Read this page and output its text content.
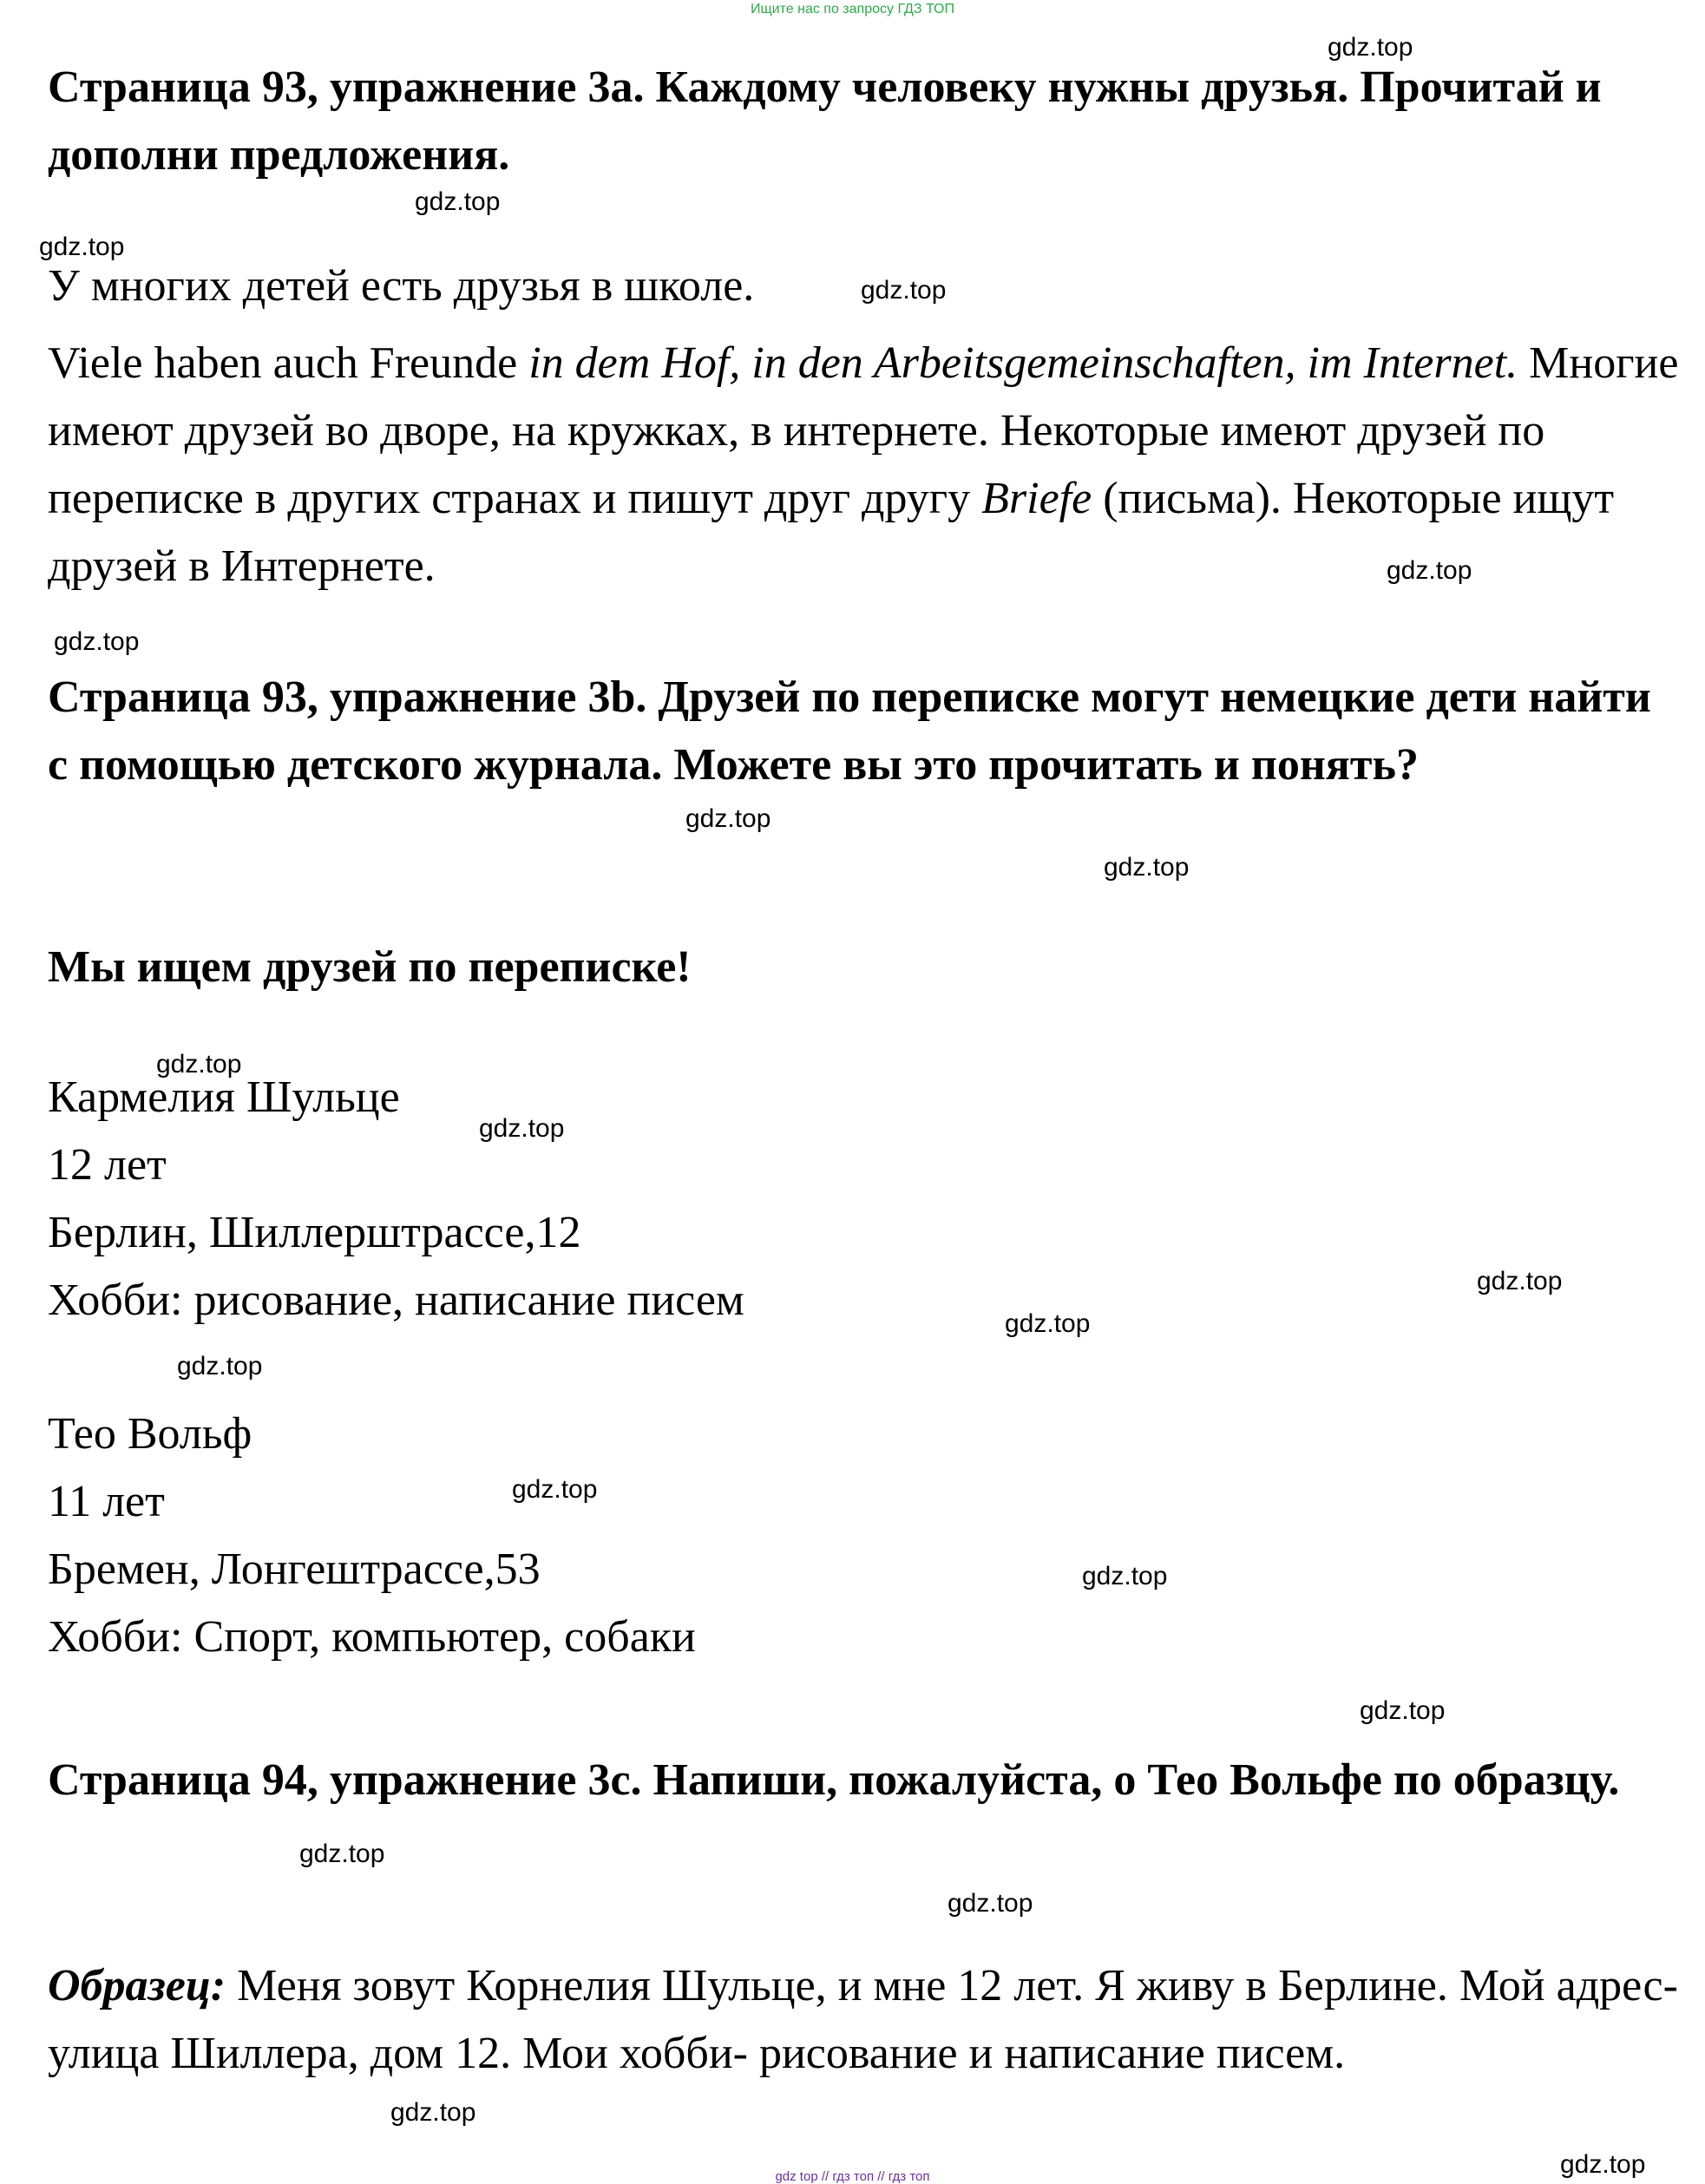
Ищите нас по запросу ГДЗ ТОП
gdz top // гдз топ // гдз топ

Страница 93, упражнение 3a. Каждому человеку нужны друзья. Прочитай и дополни предложения.

У многих детей есть друзья в школе.

Viele haben auch Freunde in dem Hof, in den Arbeitsgemeinschaften, im Internet. Многие имеют друзей во дворе, на кружках, в интернете. Некоторые имеют друзей по переписке в других странах и пишут друг другу Briefe (письма). Некоторые ищут друзей в Интернете.

Страница 93, упражнение 3b. Друзей по переписке могут немецкие дети найти с помощью детского журнала. Можете вы это прочитать и понять?

Мы ищем друзей по переписке!
Кармелия Шульце
12 лет
Берлин, Шиллерштрассе,12
Хобби: рисование, написание писем
Тео Вольф
11 лет
Бремен, Лонгештрассе,53
Хобби: Спорт, компьютер, собаки

Страница 94, упражнение 3c. Напиши, пожалуйста, о Тео Вольфе по образцу.

Образец: Меня зовут Корнелия Шульце, и мне 12 лет. Я живу в Берлине. Мой адрес- улица Шиллера, дом 12. Мои хобби- рисование и написание писем.

gdz.top
gdz.top
gdz.top
gdz.top
gdz.top
gdz.top
gdz.top
gdz.top
gdz.top
gdz.top
gdz.top
gdz.top
gdz.top
gdz.top
gdz.top
gdz.top
gdz.top
gdz.top
gdz.top
gdz.top
